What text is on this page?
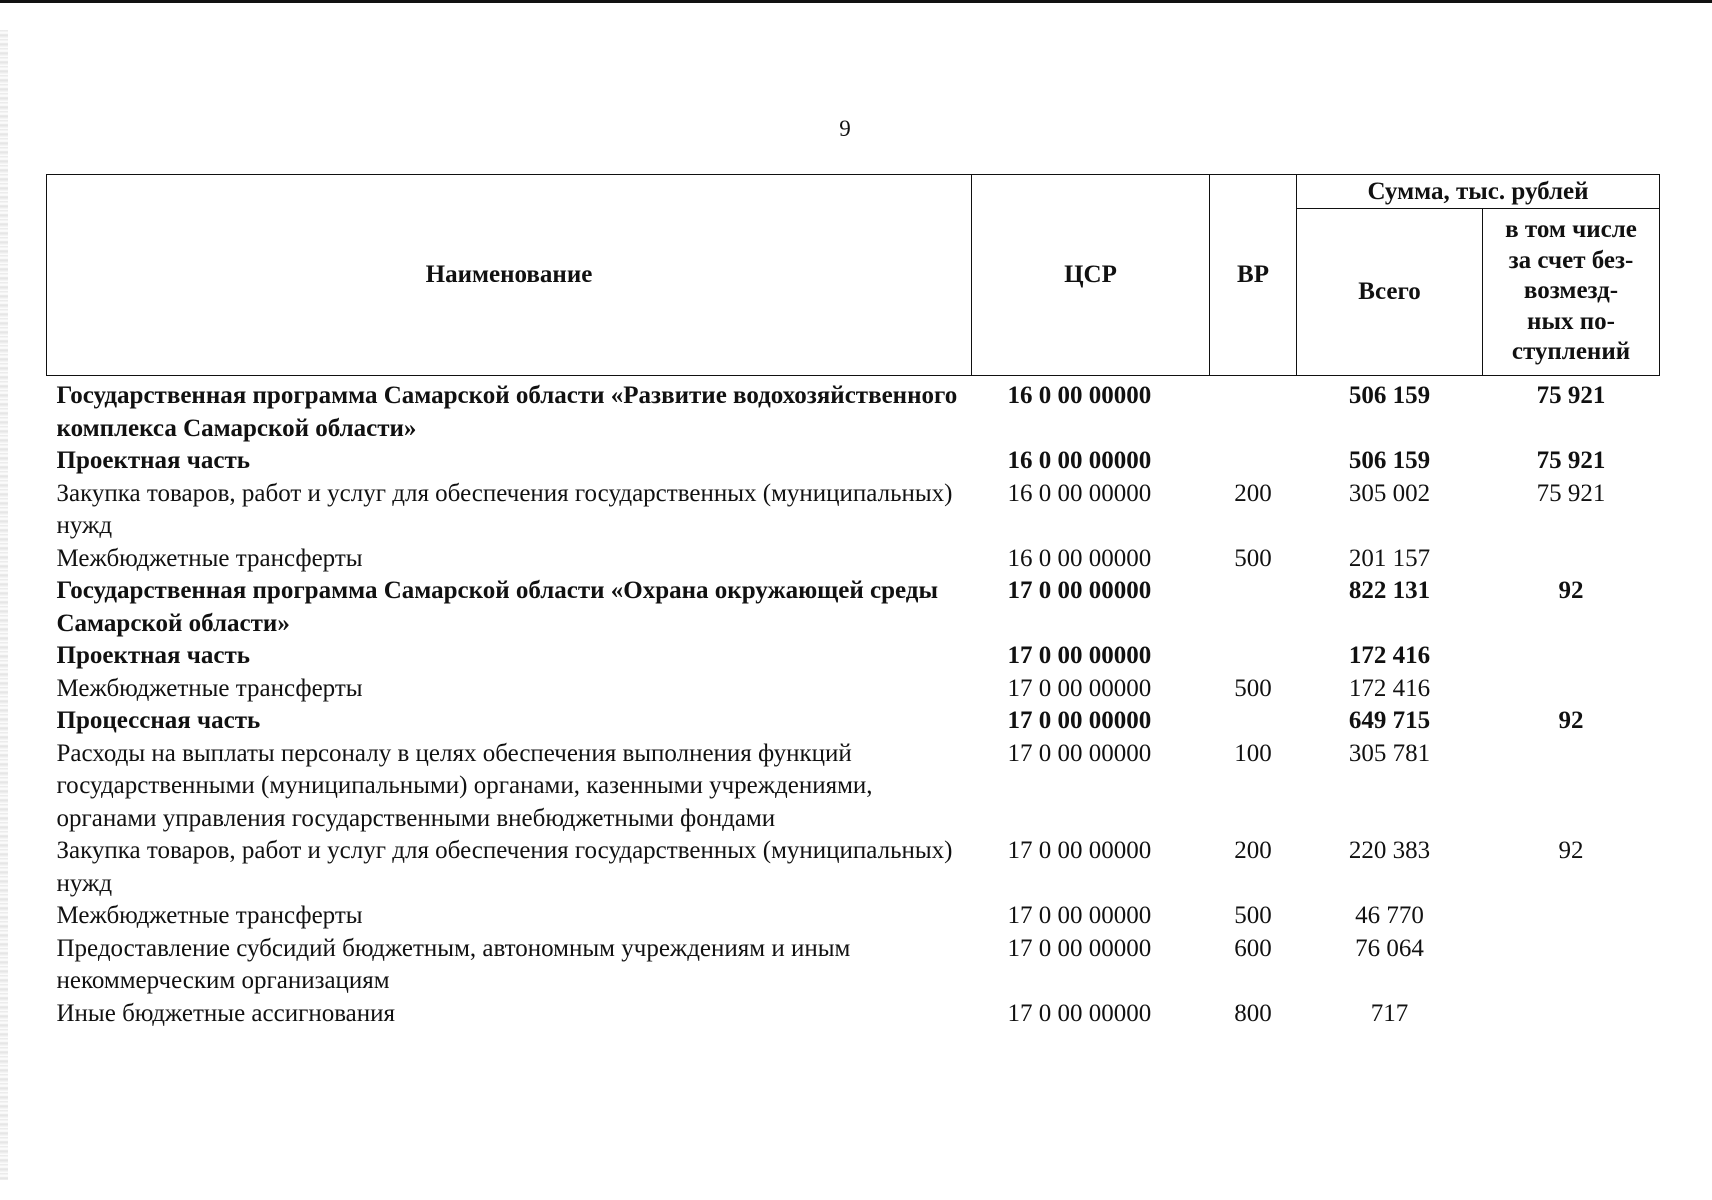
9
Наименование	ЦСР	ВР	Сумма, тыс. рублей	
			Всего	в том числе
за счет без-
возмезд-
ных по-
ступлений

Государственная программа Самарской области «Развитие водохозяйственного комплекса Самарской области»	16 0 00 00000		506 159	75 921
Проектная часть	16 0 00 00000		506 159	75 921
Закупка товаров, работ и услуг для обеспечения государственных (муниципальных) нужд	16 0 00 00000	200	305 002	75 921
Межбюджетные трансферты	16 0 00 00000	500	201 157	
Государственная программа Самарской области «Охрана окружающей среды Самарской области»	17 0 00 00000		822 131	92
Проектная часть	17 0 00 00000		172 416	
Межбюджетные трансферты	17 0 00 00000	500	172 416	
Процессная часть	17 0 00 00000		649 715	92
Расходы на выплаты персоналу в целях обеспечения выполнения функций государственными (муниципальными) органами, казенными учреждениями, органами управления государственными внебюджетными фондами	17 0 00 00000	100	305 781	
Закупка товаров, работ и услуг для обеспечения государственных (муниципальных) нужд	17 0 00 00000	200	220 383	92
Межбюджетные трансферты	17 0 00 00000	500	46 770	
Предоставление субсидий бюджетным, автономным учреждениям и иным некоммерческим организациям	17 0 00 00000	600	76 064	
Иные бюджетные ассигнования	17 0 00 00000	800	717	
